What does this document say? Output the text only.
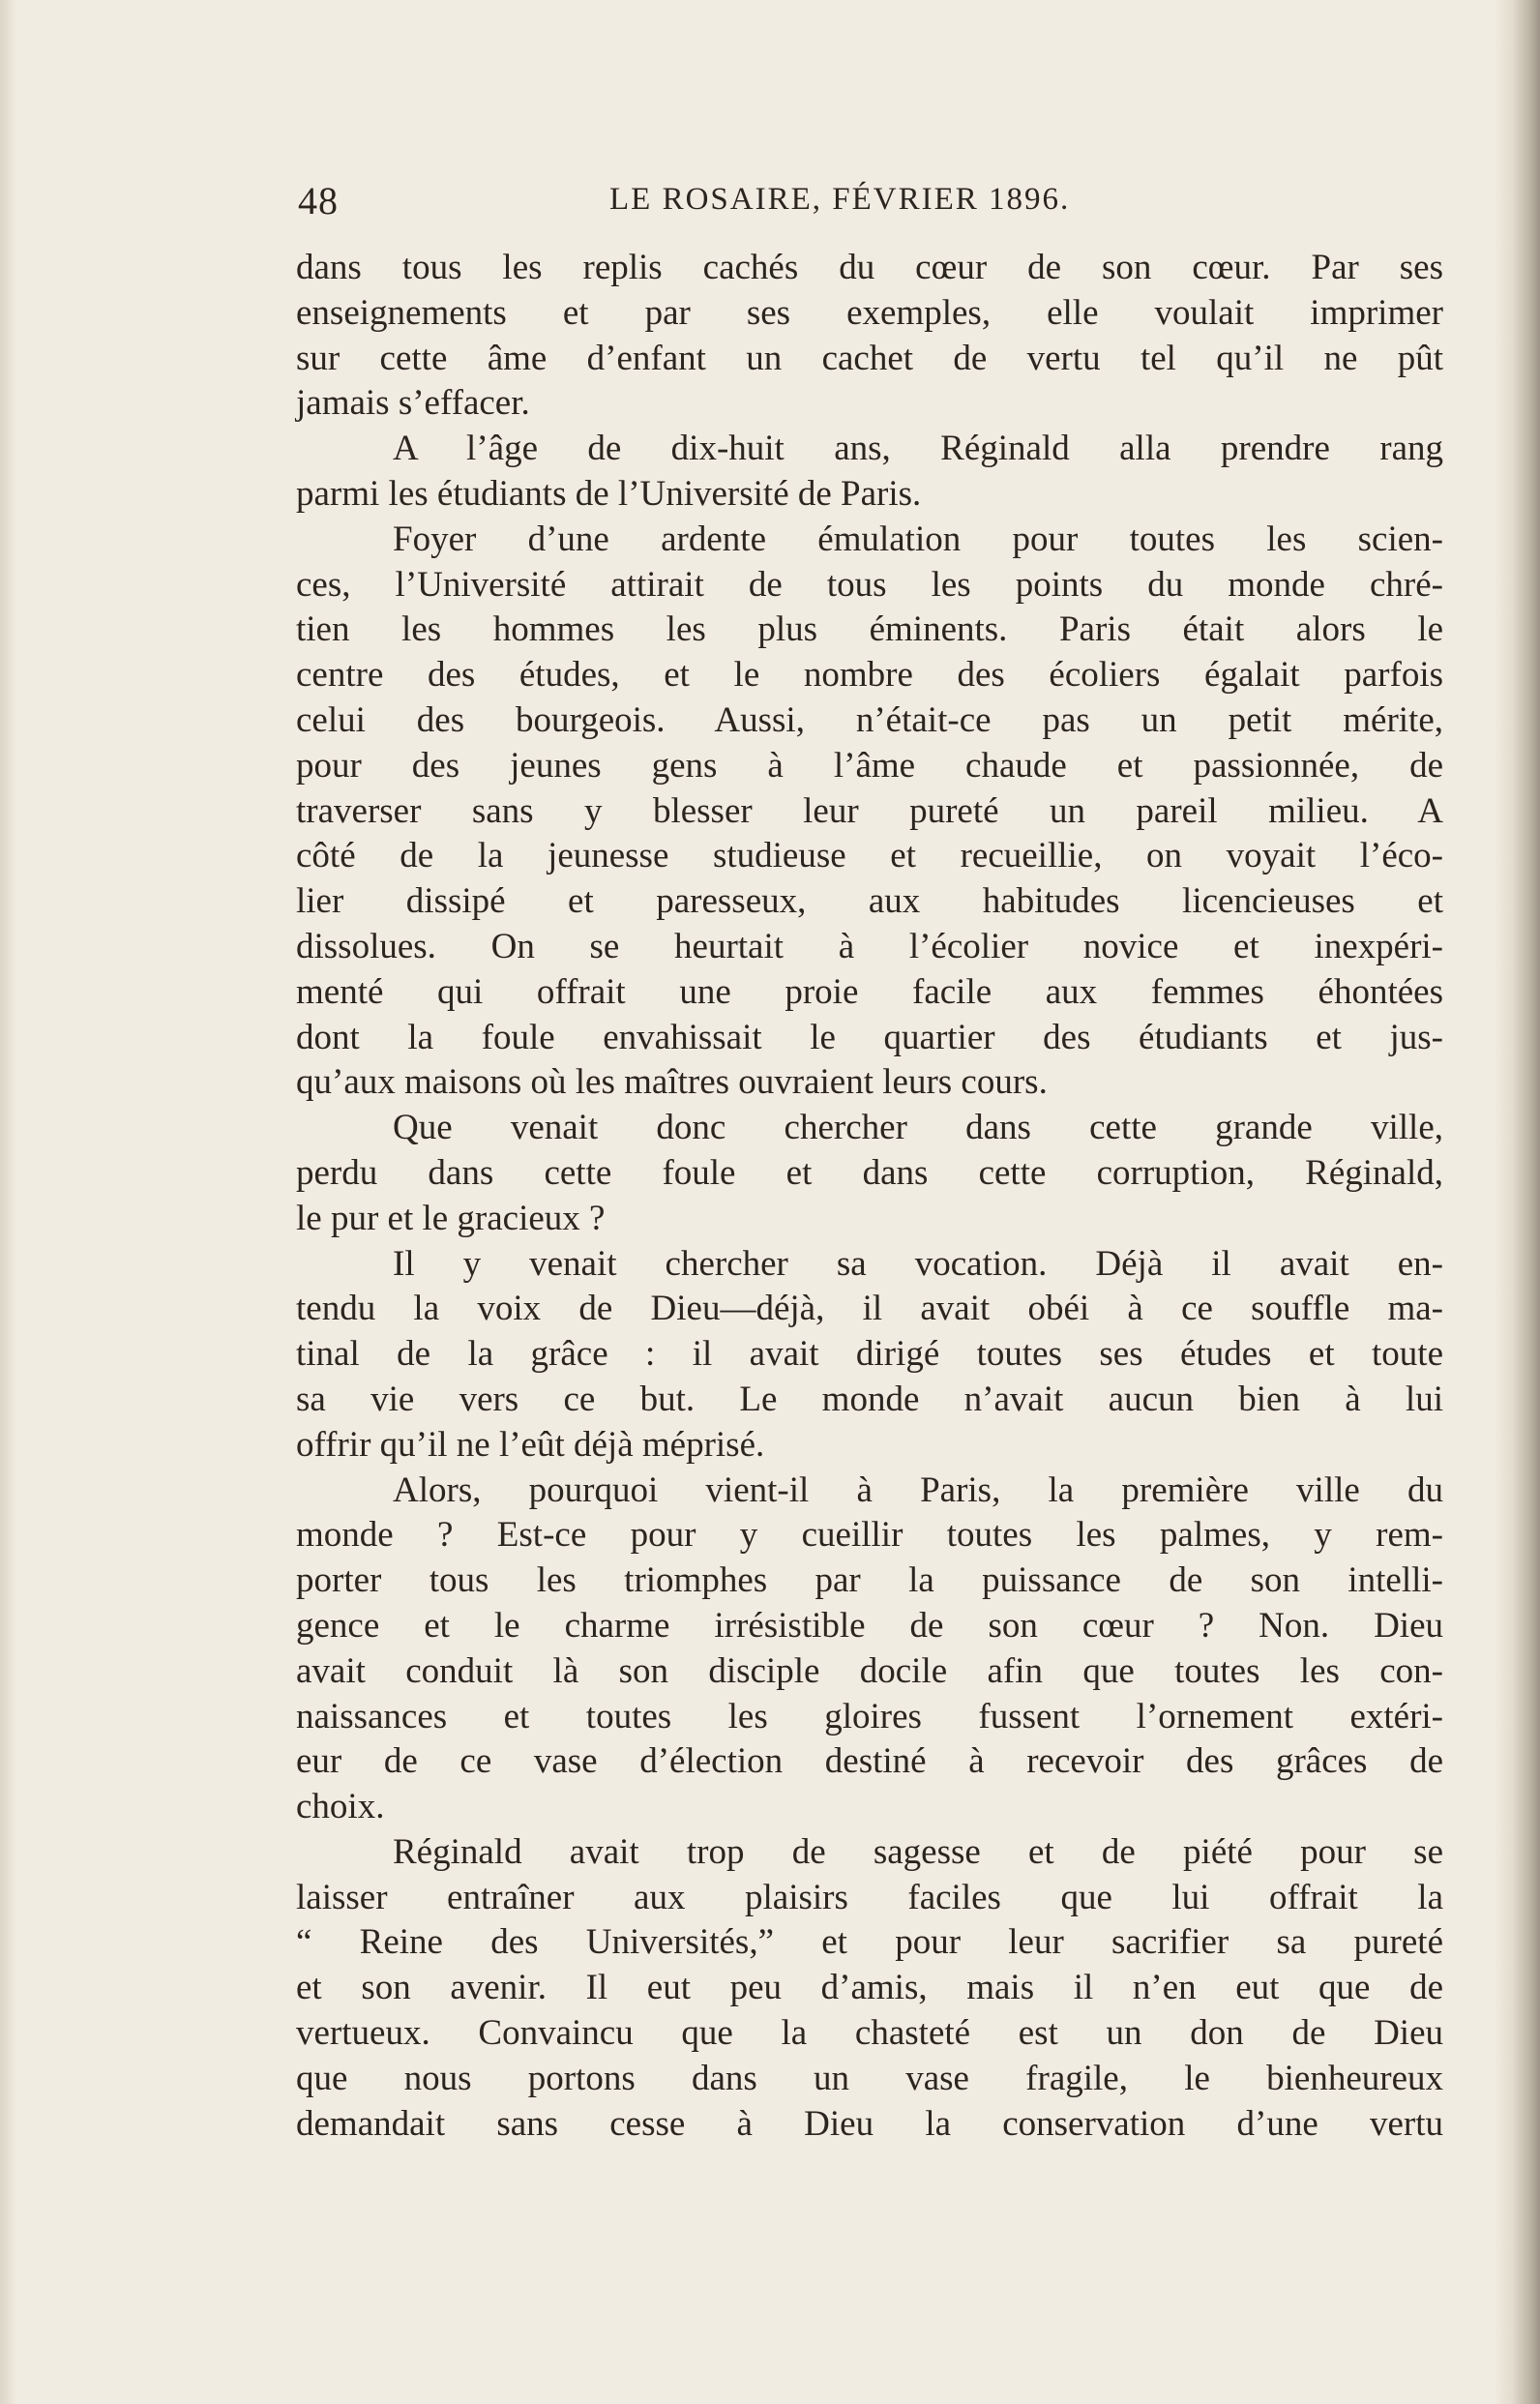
48	LE ROSAIRE, FÉVRIER 1896.
dans tous les replis cachés du cœur de son cœur. Par ses
enseignements et par ses exemples, elle voulait imprimer
sur cette âme d’enfant un cachet de vertu tel qu’il ne pût
jamais s’effacer.
A l’âge de dix-huit ans, Réginald alla prendre rang
parmi les étudiants de l’Université de Paris.
Foyer d’une ardente émulation pour toutes les scien-
ces, l’Université attirait de tous les points du monde chré-
tien les hommes les plus éminents. Paris était alors le
centre des études, et le nombre des écoliers égalait parfois
celui des bourgeois. Aussi, n’était-ce pas un petit mérite,
pour des jeunes gens à l’âme chaude et passionnée, de
traverser sans y blesser leur pureté un pareil milieu. A
côté de la jeunesse studieuse et recueillie, on voyait l’éco-
lier dissipé et paresseux, aux habitudes licencieuses et
dissolues. On se heurtait à l’écolier novice et inexpéri-
menté qui offrait une proie facile aux femmes éhontées
dont la foule envahissait le quartier des étudiants et jus-
qu’aux maisons où les maîtres ouvraient leurs cours.
Que venait donc chercher dans cette grande ville,
perdu dans cette foule et dans cette corruption, Réginald,
le pur et le gracieux ?
Il y venait chercher sa vocation. Déjà il avait en-
tendu la voix de Dieu—déjà, il avait obéi à ce souffle ma-
tinal de la grâce : il avait dirigé toutes ses études et toute
sa vie vers ce but. Le monde n’avait aucun bien à lui
offrir qu’il ne l’eût déjà méprisé.
Alors, pourquoi vient-il à Paris, la première ville du
monde ? Est-ce pour y cueillir toutes les palmes, y rem-
porter tous les triomphes par la puissance de son intelli-
gence et le charme irrésistible de son cœur ? Non. Dieu
avait conduit là son disciple docile afin que toutes les con-
naissances et toutes les gloires fussent l’ornement extéri-
eur de ce vase d’élection destiné à recevoir des grâces de
choix.
Réginald avait trop de sagesse et de piété pour se
laisser entraîner aux plaisirs faciles que lui offrait la
“ Reine des Universités,” et pour leur sacrifier sa pureté
et son avenir. Il eut peu d’amis, mais il n’en eut que de
vertueux. Convaincu que la chasteté est un don de Dieu
que nous portons dans un vase fragile, le bienheureux
demandait sans cesse à Dieu la conservation d’une vertu
